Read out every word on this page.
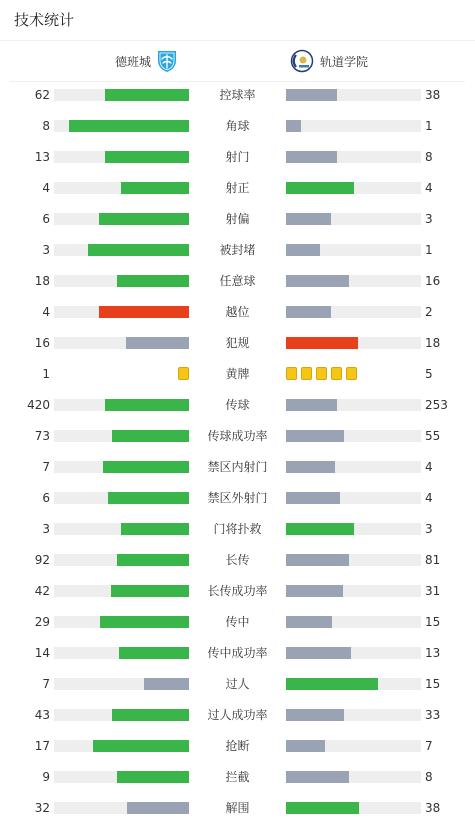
技术统计
德班城	轨道学院
62	控球率	38
8	角球	1
13	射门	8
4	射正	4
6	射偏	3
3	被封堵	1
18	任意球	16
4	越位	2
16	犯规	18
1	黄牌	5
420	传球	253
73	传球成功率	55
7	禁区内射门	4
6	禁区外射门	4
3	门将扑救	3
92	长传	81
42	长传成功率	31
29	传中	15
14	传中成功率	13
7	过人	15
43	过人成功率	33
17	抢断	7
9	拦截	8
32	解围	38
